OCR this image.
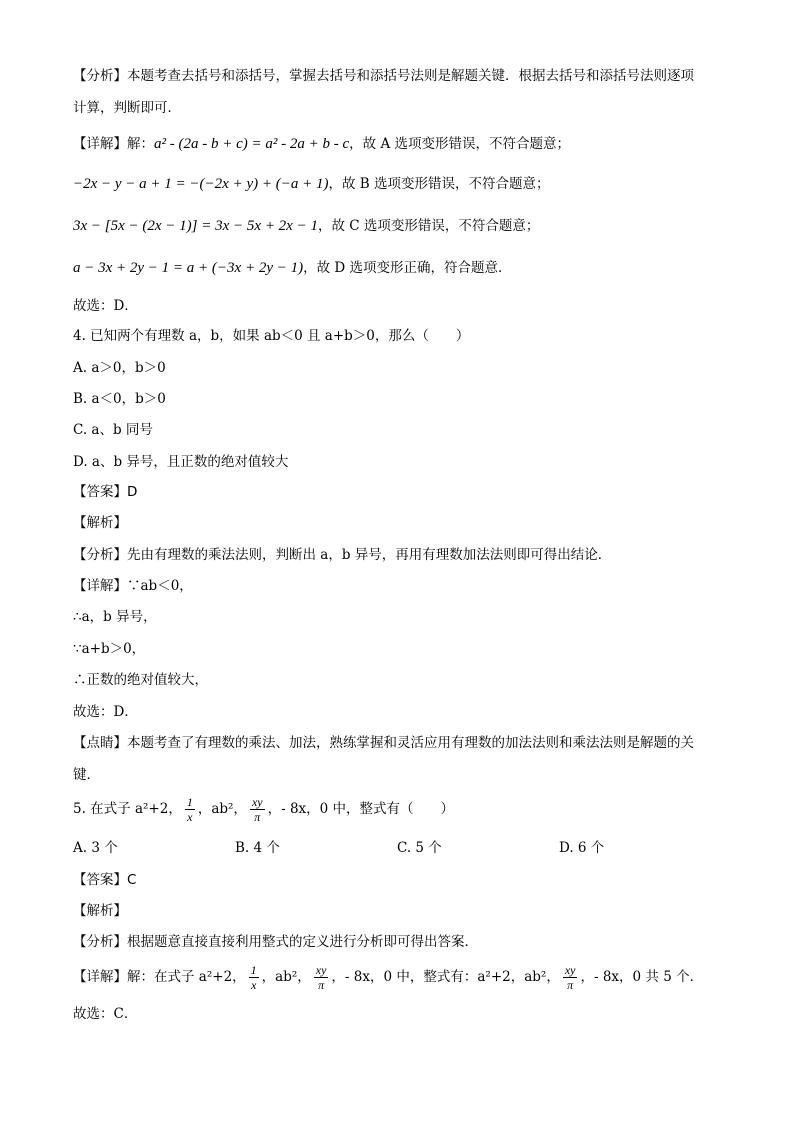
【分析】本题考查去括号和添括号，掌握去括号和添括号法则是解题关键．根据去括号和添括号法则逐项
计算，判断即可．
【详解】解：a² - (2a - b + c) = a² - 2a + b - c，故 A 选项变形错误，不符合题意；
−2x − y − a + 1 = −(−2x + y) + (−a + 1)，故 B 选项变形错误，不符合题意；
3x − [5x − (2x − 1)] = 3x − 5x + 2x − 1，故 C 选项变形错误，不符合题意；
a − 3x + 2y − 1 = a + (−3x + 2y − 1)，故 D 选项变形正确，符合题意．
故选：D．
4. 已知两个有理数 a，b，如果 ab＜0 且 a+b＞0，那么（　　）
A. a＞0，b＞0
B. a＜0，b＞0
C. a、b 同号
D. a、b 异号，且正数的绝对值较大
【答案】D
【解析】
【分析】先由有理数的乘法法则，判断出 a，b 异号，再用有理数加法法则即可得出结论．
【详解】∵ab＜0，
∴a，b 异号，
∵a+b＞0，
∴正数的绝对值较大，
故选：D．
【点睛】本题考查了有理数的乘法、加法，熟练掌握和灵活应用有理数的加法法则和乘法法则是解题的关
键．
5. 在式子 a²+2， $\frac{1}{x}$ ，ab²， $\frac{xy}{\pi}$ ，- 8x，0 中，整式有（　　）
A. 3 个	B. 4 个	C. 5 个	D. 6 个
【答案】C
【解析】
【分析】根据题意直接直接利用整式的定义进行分析即可得出答案．
【详解】解：在式子 a²+2， $\frac{1}{x}$ ，ab²， $\frac{xy}{\pi}$ ，- 8x，0 中，整式有：a²+2，ab²， $\frac{xy}{\pi}$ ，- 8x，0 共 5 个．
故选：C．
